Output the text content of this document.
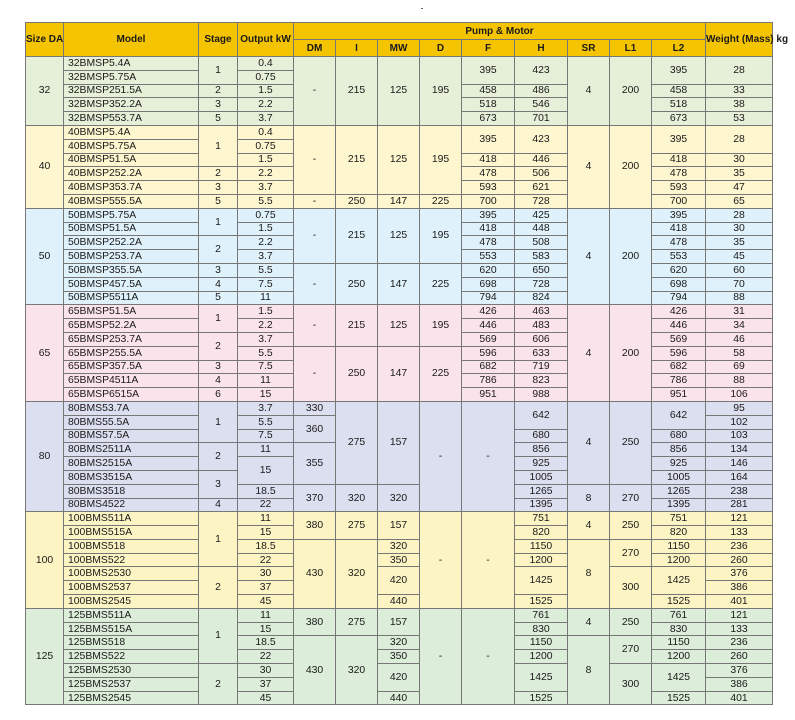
Size DA	Model	Stage	Output kW	Pump & Motor									Weight (Mass) kg
				DM	I	MW	D	F	H	SR	L1	L2	
32	32BMSP5.4A	1	0.4	-	215	125	195	395	423	4	200	395	28
	32BMSP5.75A		0.75										
	32BMSP251.5A	2	1.5					458	486			458	33
	32BMSP352.2A	3	2.2					518	546			518	38
	32BMSP553.7A	5	3.7					673	701			673	53
40	40BMSP5.4A	1	0.4	-	215	125	195	395	423	4	200	395	28
	40BMSP5.75A		0.75										
	40BMSP51.5A		1.5					418	446			418	30
	40BMSP252.2A	2	2.2					478	506			478	35
	40BMSP353.7A	3	3.7					593	621			593	47
	40BMSP555.5A	5	5.5	-	250	147	225	700	728			700	65
50	50BMSP5.75A	1	0.75	-	215	125	195	395	425	4	200	395	28
	50BMSP51.5A		1.5					418	448			418	30
	50BMSP252.2A	2	2.2					478	508			478	35
	50BMSP253.7A		3.7					553	583			553	45
	50BMSP355.5A	3	5.5	-	250	147	225	620	650			620	60
	50BMSP457.5A	4	7.5					698	728			698	70
	50BMSP5511A	5	11					794	824			794	88
65	65BMSP51.5A	1	1.5	-	215	125	195	426	463	4	200	426	31
	65BMSP52.2A		2.2					446	483			446	34
	65BMSP253.7A	2	3.7					569	606			569	46
	65BMSP255.5A		5.5	-	250	147	225	596	633			596	58
	65BMSP357.5A	3	7.5					682	719			682	69
	65BMSP4511A	4	11					786	823			786	88
	65BMSP6515A	6	15					951	988			951	106
80	80BMS53.7A	1	3.7	330	275	157	-	-	642	4	250	642	95
	80BMS55.5A		5.5	360									102
	80BMS57.5A		7.5						680			680	103
	80BMS2511A	2	11	355					856			856	134
	80BMS2515A		15						925			925	146
	80BMS3515A	3							1005			1005	164
	80BMS3518		18.5	370	320	320			1265	8	270	1265	238
	80BMS4522	4	22						1395			1395	281
100	100BMS511A	1	11	380	275	157	-	-	751	4	250	751	121
	100BMS515A		15						820			820	133
	100BMS518		18.5	430	320	320			1150	8	270	1150	236
	100BMS522		22			350			1200			1200	260
	100BMS2530	2	30			420			1425		300	1425	376
	100BMS2537		37										386
	100BMS2545		45			440			1525			1525	401
125	125BMS511A	1	11	380	275	157	-	-	761	4	250	761	121
	125BMS515A		15						830			830	133
	125BMS518		18.5	430	320	320			1150	8	270	1150	236
	125BMS522		22			350			1200			1200	260
	125BMS2530	2	30			420			1425		300	1425	376
	125BMS2537		37										386
	125BMS2545		45			440			1525			1525	401
